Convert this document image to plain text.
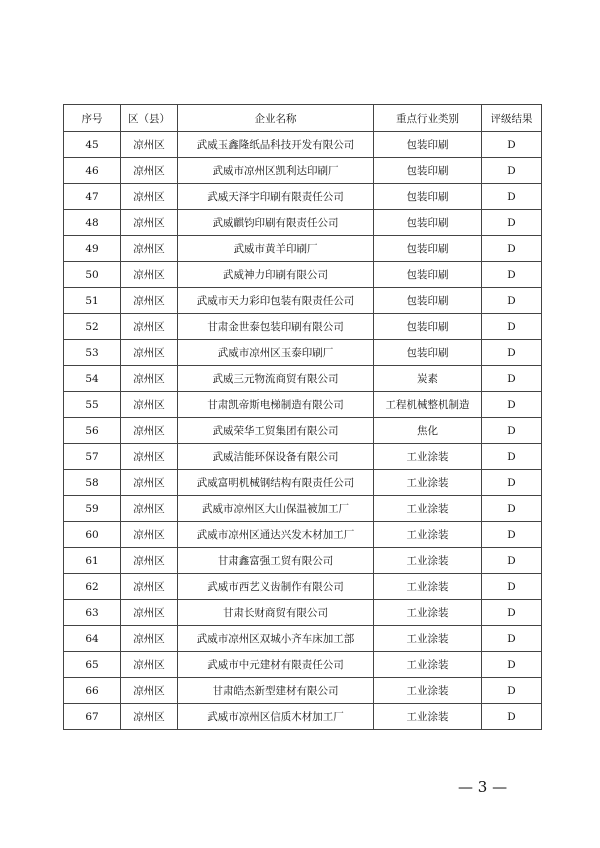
序号	区（县）	企业名称	重点行业类别	评级结果
45	凉州区	武威玉鑫隆纸品科技开发有限公司	包装印刷	D
46	凉州区	武威市凉州区凯利达印刷厂	包装印刷	D
47	凉州区	武威天泽宇印刷有限责任公司	包装印刷	D
48	凉州区	武威麒钧印刷有限责任公司	包装印刷	D
49	凉州区	武威市黄羊印刷厂	包装印刷	D
50	凉州区	武威神力印刷有限公司	包装印刷	D
51	凉州区	武威市天力彩印包装有限责任公司	包装印刷	D
52	凉州区	甘肃金世泰包装印刷有限公司	包装印刷	D
53	凉州区	武威市凉州区玉泰印刷厂	包装印刷	D
54	凉州区	武威三元物流商贸有限公司	炭素	D
55	凉州区	甘肃凯帝斯电梯制造有限公司	工程机械整机制造	D
56	凉州区	武威荣华工贸集团有限公司	焦化	D
57	凉州区	武威洁能环保设备有限公司	工业涂装	D
58	凉州区	武威富明机械钢结构有限责任公司	工业涂装	D
59	凉州区	武威市凉州区大山保温被加工厂	工业涂装	D
60	凉州区	武威市凉州区通达兴发木材加工厂	工业涂装	D
61	凉州区	甘肃鑫富强工贸有限公司	工业涂装	D
62	凉州区	武威市西艺义齿制作有限公司	工业涂装	D
63	凉州区	甘肃长财商贸有限公司	工业涂装	D
64	凉州区	武威市凉州区双城小齐车床加工部	工业涂装	D
65	凉州区	武威市中元建材有限责任公司	工业涂装	D
66	凉州区	甘肃皓杰新型建材有限公司	工业涂装	D
67	凉州区	武威市凉州区信质木材加工厂	工业涂装	D
— 3 —
